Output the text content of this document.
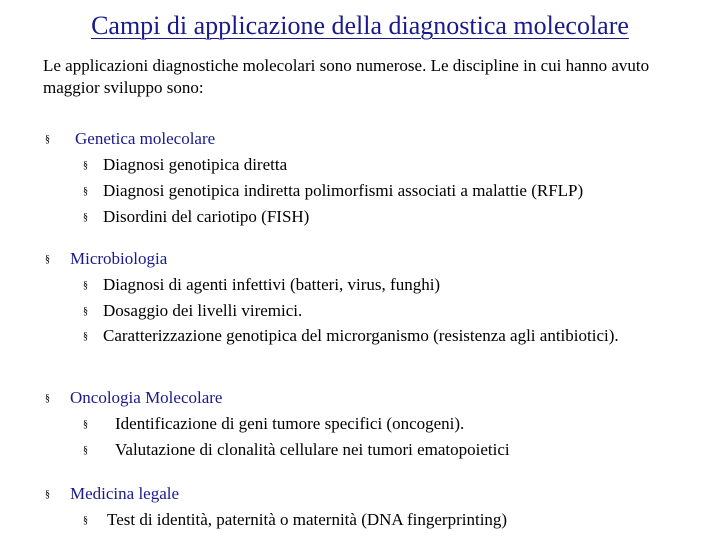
Campi di applicazione della diagnostica molecolare
Le applicazioni diagnostiche molecolari sono numerose. Le discipline in cui hanno avuto maggior sviluppo sono:
§	Genetica molecolare
§ Diagnosi genotipica diretta
§ Diagnosi genotipica indiretta polimorfismi associati a malattie (RFLP)
§ Disordini del cariotipo (FISH)
§	Microbiologia
§ Diagnosi di agenti infettivi (batteri, virus, funghi)
§ Dosaggio dei livelli viremici.
§ Caratterizzazione genotipica del microrganismo (resistenza agli antibiotici).
§	Oncologia Molecolare
§	Identificazione di geni tumore specifici (oncogeni).
§	Valutazione di clonalità cellulare nei tumori ematopoietici
§	Medicina legale
§	Test di identità, paternità o maternità (DNA fingerprinting)
